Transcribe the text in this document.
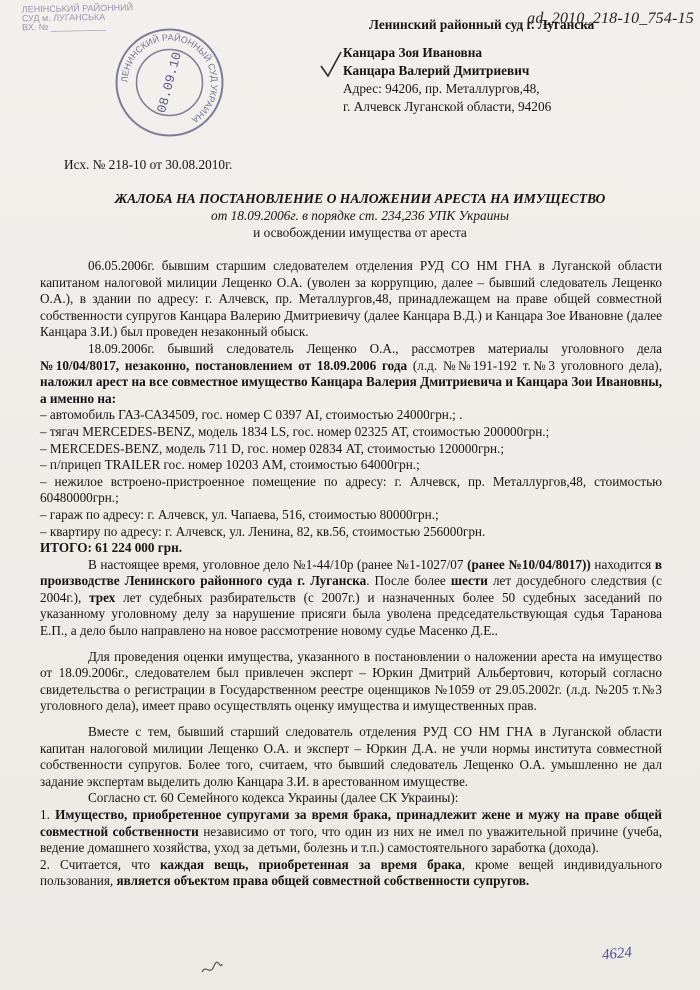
ЛЕНІНСЬКИЙ РАЙОННИЙ
СУД м. ЛУГАНСЬКА
ВХ. № ___________
ЛЕНИНСКИЙ РАЙОННЫЙ СУД УКРАИНА
08.09.10
ad_2010_218-10_754-15
Ленинский районный суд г. Луганска
Канцара Зоя Ивановна
Канцара Валерий Дмитриевич
Адрес: 94206, пр. Металлургов,48,
г. Алчевск Луганской области, 94206
Исх. № 218-10 от 30.08.2010г.
ЖАЛОБА НА ПОСТАНОВЛЕНИЕ О НАЛОЖЕНИИ АРЕСТА НА ИМУЩЕСТВО
от 18.09.2006г. в порядке ст. 234,236 УПК Украины
и освобождении имущества от ареста

06.05.2006г. бывшим старшим следователем отделения РУД СО НМ ГНА в Луганской области капитаном налоговой милиции Лещенко О.А. (уволен за коррупцию, далее – бывший следователь Лещенко О.А.), в здании по адресу: г. Алчевск, пр. Металлургов,48, принадлежащем на праве общей совместной собственности супругов Канцара Валерию Дмитриевичу (далее Канцара В.Д.) и Канцара Зое Ивановне (далее Канцара З.И.) был проведен незаконный обыск.

18.09.2006г. бывший следователь Лещенко О.А., рассмотрев материалы уголовного дела №10/04/8017, незаконно, постановлением от 18.09.2006 года (л.д. №№191-192 т.№3 уголовного дела), наложил арест на все совместное имущество Канцара Валерия Дмитриевича и Канцара Зои Ивановны, а именно на:

– автомобиль ГАЗ-САЗ4509, гос. номер С 0397 АІ, стоимостью 24000грн.; .

– тягач MERCEDES-BENZ, модель 1834 LS, гос. номер 02325 АТ, стоимостью 200000грн.;

– MERCEDES-BENZ, модель 711 D, гос. номер 02834 АТ, стоимостью 120000грн.;

– п/прицеп TRAILER гос. номер 10203 АМ, стоимостью 64000грн.;

– нежилое встроено-пристроенное помещение по адресу: г. Алчевск, пр. Металлургов,48, стоимостью 60480000грн.;

– гараж по адресу: г. Алчевск, ул. Чапаева, 516, стоимостью 80000грн.;

– квартиру по адресу: г. Алчевск, ул. Ленина, 82, кв.56, стоимостью 256000грн.

ИТОГО: 61 224 000 грн.

В настоящее время, уголовное дело №1-44/10р (ранее №1-1027/07 (ранее №10/04/8017)) находится в производстве Ленинского районного суда г. Луганска. После более шести лет досудебного следствия (с 2004г.), трех лет судебных разбирательств (с 2007г.) и назначенных более 50 судебных заседаний по указанному уголовному делу за нарушение присяги была уволена председательствующая судья Таранова Е.П., а дело было направлено на новое рассмотрение новому судье Масенко Д.Е..

Для проведения оценки имущества, указанного в постановлении о наложении ареста на имущество от 18.09.2006г., следователем был привлечен эксперт – Юркин Дмитрий Альбертович, который согласно свидетельства о регистрации в Государственном реестре оценщиков №1059 от 29.05.2002г. (л.д. №205 т.№3 уголовного дела), имеет право осуществлять оценку имущества и имущественных прав.

Вместе с тем, бывший старший следователь отделения РУД СО НМ ГНА в Луганской области капитан налоговой милиции Лещенко О.А. и эксперт – Юркин Д.А. не учли нормы института совместной собственности супругов. Более того, считаем, что бывший следователь Лещенко О.А. умышленно не дал задание экспертам выделить долю Канцара З.И. в арестованном имуществе.

Согласно ст. 60 Семейного кодекса Украины (далее СК Украины):

1. Имущество, приобретенное супругами за время брака, принадлежит жене и мужу на праве общей совместной собственности независимо от того, что один из них не имел по уважительной причине (учеба, ведение домашнего хозяйства, уход за детьми, болезнь и т.п.) самостоятельного заработка (дохода).

2. Считается, что каждая вещь, приобретенная за время брака, кроме вещей индивидуального пользования, является объектом права общей совместной собственности супругов.

4624
